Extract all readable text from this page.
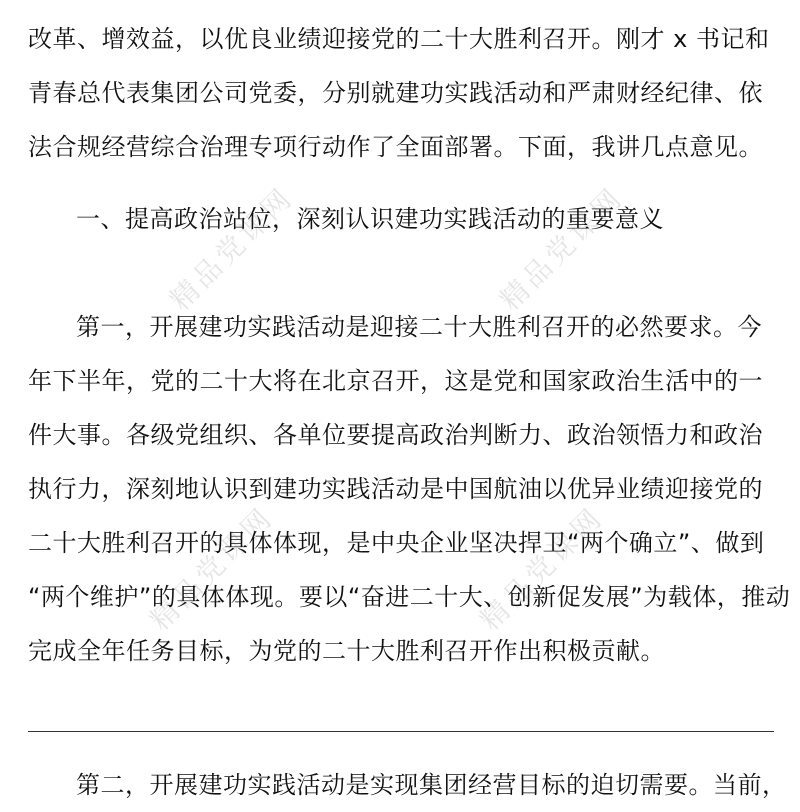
精品党课网	精品党课网
精品党课网	精品党课网

改革、增效益，以优良业绩迎接党的二十大胜利召开。刚才 x 书记和
青春总代表集团公司党委，分别就建功实践活动和严肃财经纪律、依
法合规经营综合治理专项行动作了全面部署。下面，我讲几点意见。

一、提高政治站位，深刻认识建功实践活动的重要意义

第一，开展建功实践活动是迎接二十大胜利召开的必然要求。今
年下半年，党的二十大将在北京召开，这是党和国家政治生活中的一
件大事。各级党组织、各单位要提高政治判断力、政治领悟力和政治
执行力，深刻地认识到建功实践活动是中国航油以优异业绩迎接党的
二十大胜利召开的具体体现，是中央企业坚决捍卫“两个确立”、做到
“两个维护”的具体体现。要以“奋进二十大、创新促发展”为载体，推动
完成全年任务目标，为党的二十大胜利召开作出积极贡献。

第二，开展建功实践活动是实现集团经营目标的迫切需要。当前，
